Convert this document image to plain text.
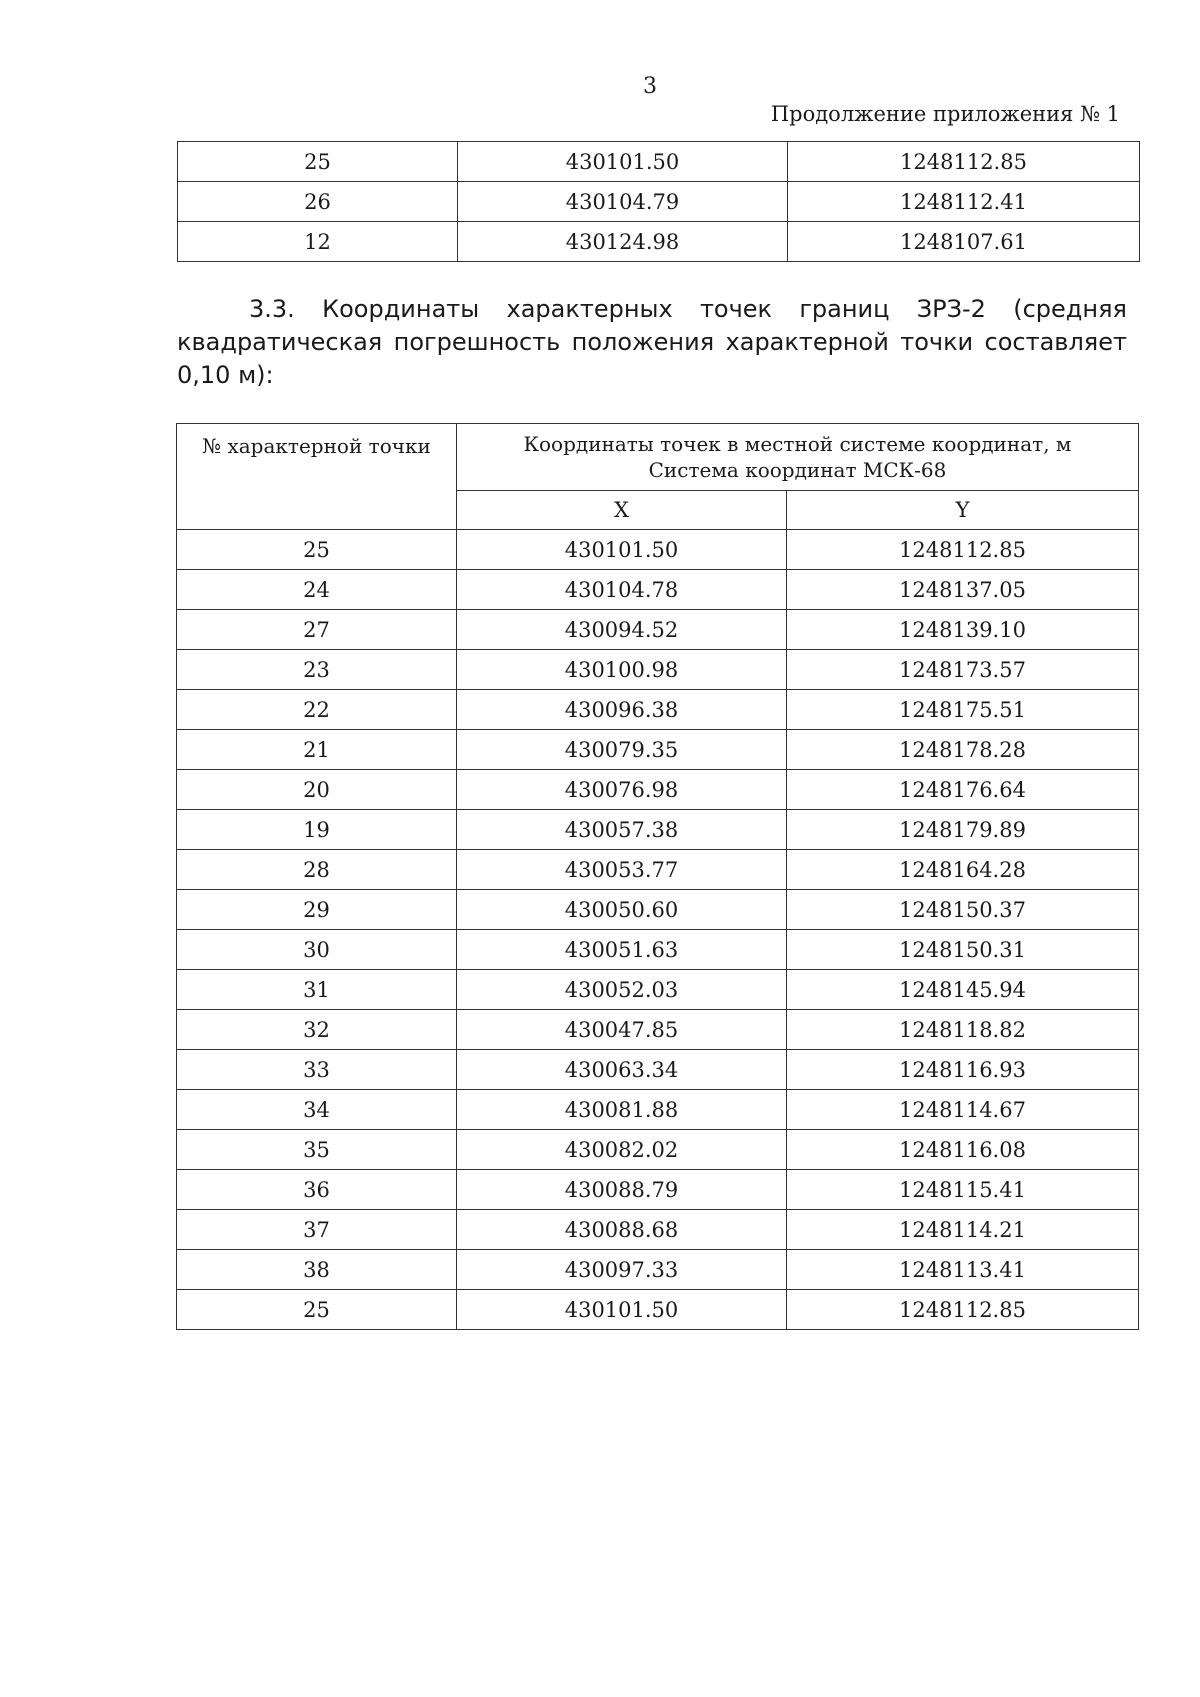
3
Продолжение приложения № 1
25	430101.50	1248112.85
26	430104.79	1248112.41
12	430124.98	1248107.61
3.3. Координаты характерных точек границ ЗРЗ-2 (средняя
квадратическая погрешность положения характерной точки составляет
0,10 м):
№ характерной точки	Координаты точек в местной системе координат, м
Система координат МСК-68	

	X	Y
25	430101.50	1248112.85
24	430104.78	1248137.05
27	430094.52	1248139.10
23	430100.98	1248173.57
22	430096.38	1248175.51
21	430079.35	1248178.28
20	430076.98	1248176.64
19	430057.38	1248179.89
28	430053.77	1248164.28
29	430050.60	1248150.37
30	430051.63	1248150.31
31	430052.03	1248145.94
32	430047.85	1248118.82
33	430063.34	1248116.93
34	430081.88	1248114.67
35	430082.02	1248116.08
36	430088.79	1248115.41
37	430088.68	1248114.21
38	430097.33	1248113.41
25	430101.50	1248112.85
